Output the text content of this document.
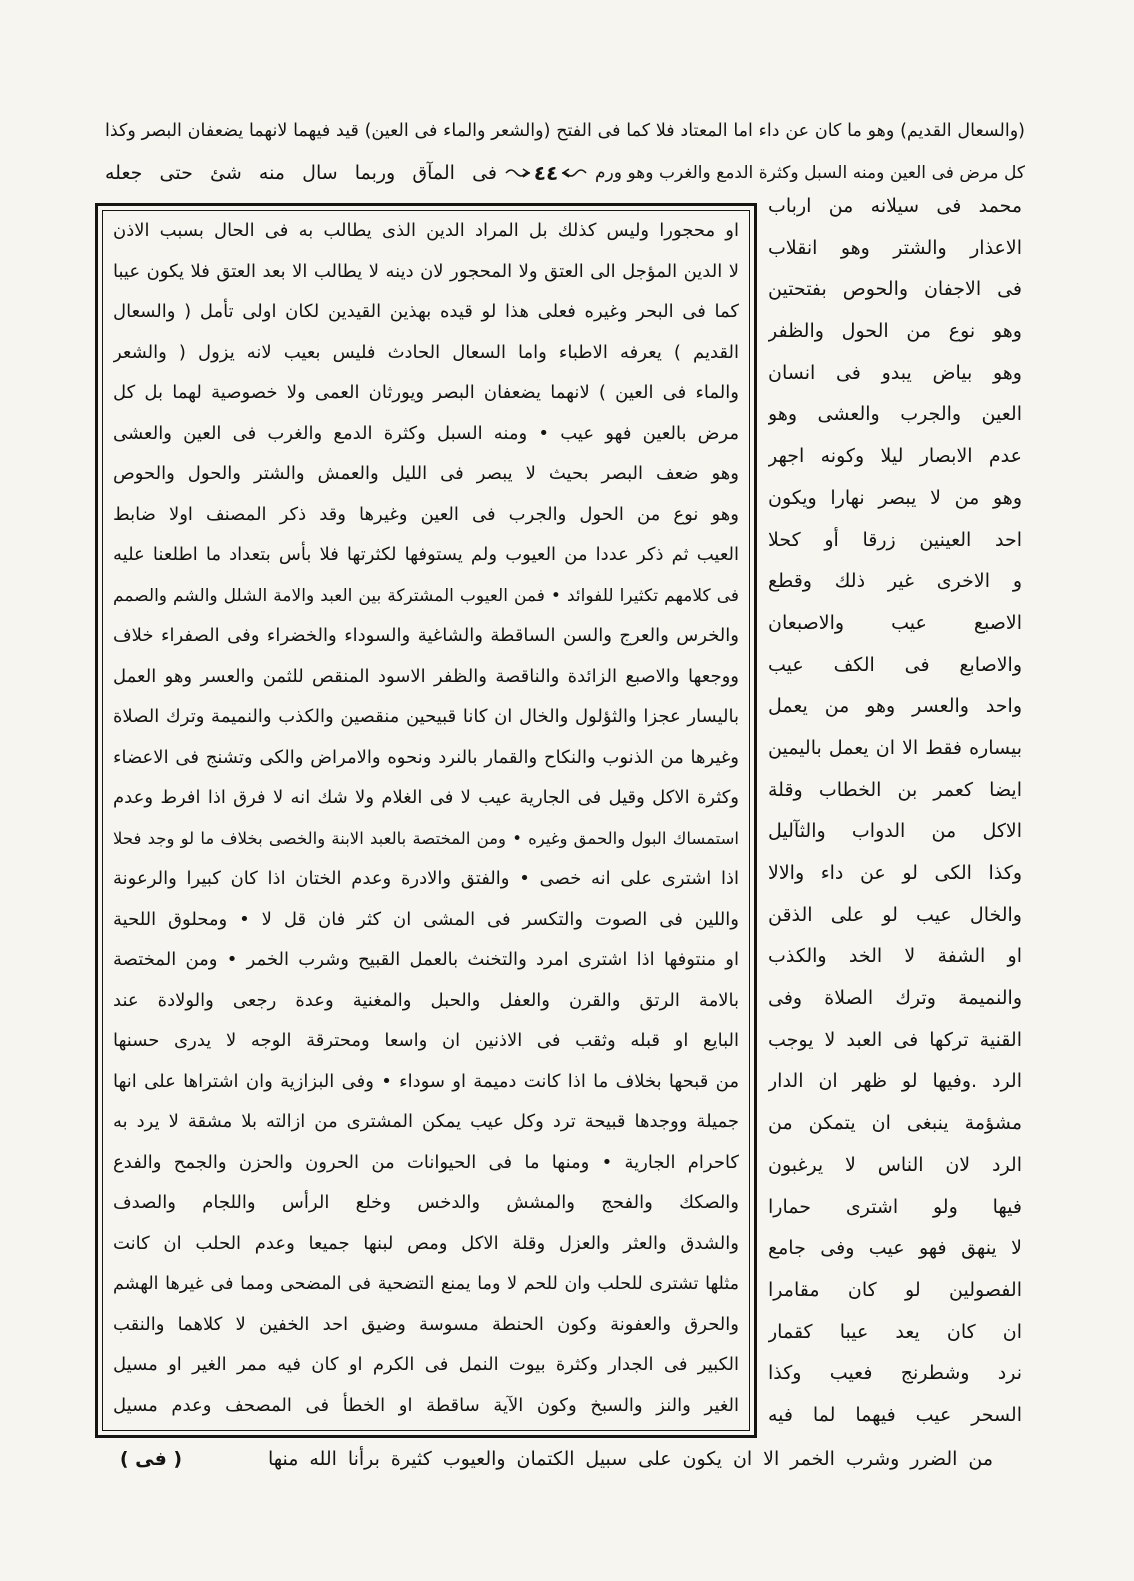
(والسعال القديم) وهو ما كان عن داء اما المعتاد فلا كما فى الفتح (والشعر والماء فى العين) قيد فيهما لانهما يضعفان البصر وكذا
كل مرض فى العين ومنه السبل وكثرة الدمع والغرب وهو ورم
٤٤
فى المآق وربما سال منه شئ حتى جعله
محمد فى سيلانه من ارباب
الاعذار والشتر وهو انقلاب
فى الاجفان والحوص بفتحتين
وهو نوع من الحول والظفر
وهو بياض يبدو فى انسان
العين والجرب والعشى وهو
عدم الابصار ليلا وكونه اجهر
وهو من لا يبصر نهارا ويكون
احد العينين زرقا أو كحلا
و الاخرى غير ذلك وقطع
الاصبع عيب والاصبعان
والاصابع فى الكف عيب
واحد والعسر وهو من يعمل
بيساره فقط الا ان يعمل باليمين
ايضا كعمر بن الخطاب وقلة
الاكل من الدواب والثآليل
وكذا الكى لو عن داء والالا
والخال عيب لو على الذقن
او الشفة لا الخد والكذب
والنميمة وترك الصلاة وفى
القنية تركها فى العبد لا يوجب
الرد .وفيها لو ظهر ان الدار
مشؤمة ينبغى ان يتمكن من
الرد لان الناس لا يرغبون
فيها ولو اشترى حمارا
لا ينهق فهو عيب وفى جامع
الفصولين لو كان مقامرا
ان كان يعد عيبا كقمار
نرد وشطرنج فعيب وكذا
السحر عيب فيهما لما فيه
او محجورا وليس كذلك بل المراد الدين الذى يطالب به فى الحال بسبب الاذن
لا الدين المؤجل الى العتق ولا المحجور لان دينه لا يطالب الا بعد العتق فلا يكون عيبا
كما فى البحر وغيره فعلى هذا لو قيده بهذين القيدين لكان اولى تأمل ( والسعال
القديم ) يعرفه الاطباء واما السعال الحادث فليس بعيب لانه يزول ( والشعر
والماء فى العين ) لانهما يضعفان البصر ويورثان العمى ولا خصوصية لهما بل كل
مرض بالعين فهو عيب • ومنه السبل وكثرة الدمع والغرب فى العين والعشى
وهو ضعف البصر بحيث لا يبصر فى الليل والعمش والشتر والحول والحوص
وهو نوع من الحول والجرب فى العين وغيرها وقد ذكر المصنف اولا ضابط
العيب ثم ذكر عددا من العيوب ولم يستوفها لكثرتها فلا بأس بتعداد ما اطلعنا عليه
فى كلامهم تكثيرا للفوائد • فمن العيوب المشتركة بين العبد والامة الشلل والشم والصمم
والخرس والعرج والسن الساقطة والشاغية والسوداء والخضراء وفى الصفراء خلاف
ووجعها والاصبع الزائدة والناقصة والظفر الاسود المنقص للثمن والعسر وهو العمل
باليسار عجزا والثؤلول والخال ان كانا قبيحين منقصين والكذب والنميمة وترك الصلاة
وغيرها من الذنوب والنكاح والقمار بالنرد ونحوه والامراض والكى وتشنج فى الاعضاء
وكثرة الاكل وقيل فى الجارية عيب لا فى الغلام ولا شك انه لا فرق اذا افرط وعدم
استمساك البول والحمق وغيره • ومن المختصة بالعبد الابنة والخصى بخلاف ما لو وجد فحلا
اذا اشترى على انه خصى • والفتق والادرة وعدم الختان اذا كان كبيرا والرعونة
واللين فى الصوت والتكسر فى المشى ان كثر فان قل لا • ومحلوق اللحية
او منتوفها اذا اشترى امرد والتخنث بالعمل القبيح وشرب الخمر • ومن المختصة
بالامة الرتق والقرن والعفل والحبل والمغنية وعدة رجعى والولادة عند
البايع او قبله وثقب فى الاذنين ان واسعا ومحترقة الوجه لا يدرى حسنها
من قبحها بخلاف ما اذا كانت دميمة او سوداء • وفى البزازية وان اشتراها على انها
جميلة ووجدها قبيحة ترد وكل عيب يمكن المشترى من ازالته بلا مشقة لا يرد به
كاحرام الجارية • ومنها ما فى الحيوانات من الحرون والحزن والجمح والفدع
والصكك والفحج والمشش والدخس وخلع الرأس واللجام والصدف
والشدق والعثر والعزل وقلة الاكل ومص لبنها جميعا وعدم الحلب ان كانت
مثلها تشترى للحلب وان للحم لا وما يمنع التضحية فى المضحى ومما فى غيرها الهشم
والحرق والعفونة وكون الحنطة مسوسة وضيق احد الخفين لا كلاهما والنقب
الكبير فى الجدار وكثرة بيوت النمل فى الكرم او كان فيه ممر الغير او مسيل
الغير والنز والسبخ وكون الآية ساقطة او الخطأ فى المصحف وعدم مسيل
من الضرر وشرب الخمر الا ان يكون على سبيل الكتمان والعيوب كثيرة برأنا الله منها
( فى )
